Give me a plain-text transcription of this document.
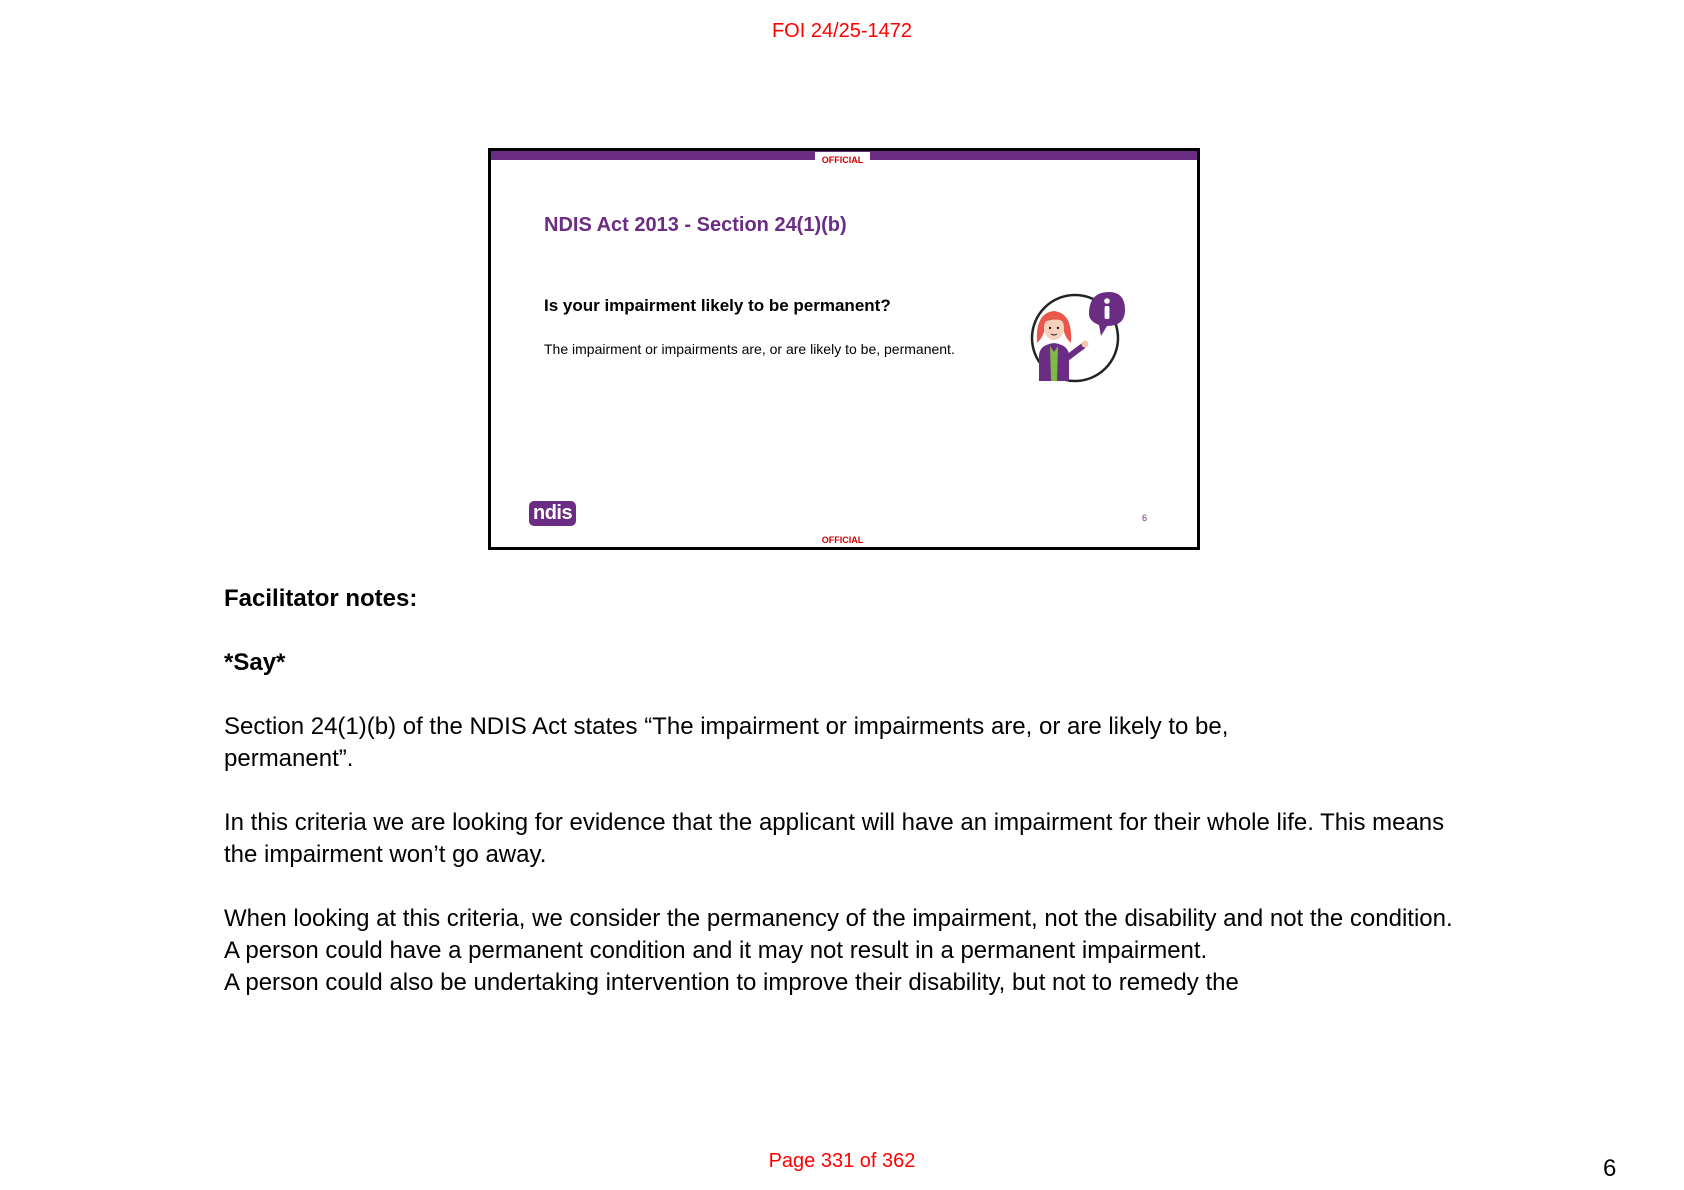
FOI 24/25-1472
OFFICIAL
NDIS Act 2013 - Section 24(1)(b)
Is your impairment likely to be permanent?
The impairment or impairments are, or are likely to be, permanent.
ndis	6
OFFICIAL
Facilitator notes:
*Say*

Section 24(1)(b) of the NDIS Act states “The impairment or impairments are, or are likely to be, permanent”.

In this criteria we are looking for evidence that the applicant will have an impairment for their whole life. This means the impairment won’t go away.

When looking at this criteria, we consider the permanency of the impairment, not the disability and not the condition.

A person could have a permanent condition and it may not result in a permanent impairment.

A person could also be undertaking intervention to improve their disability, but not to remedy the

Page 331 of 362	6
